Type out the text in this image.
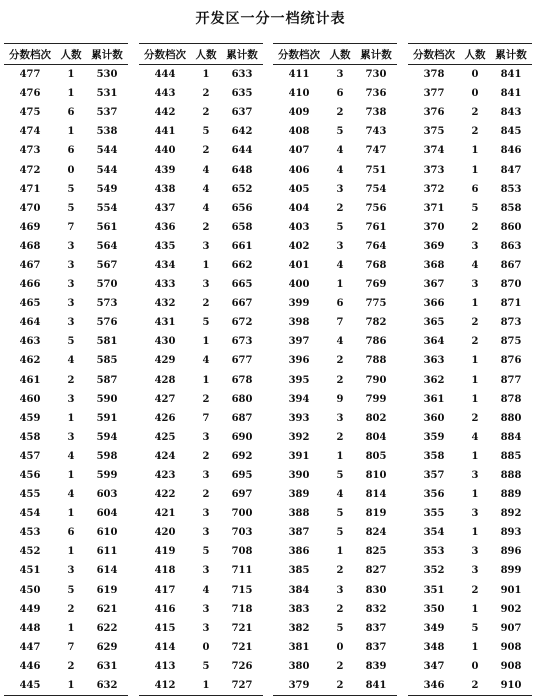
开发区一分一档统计表
分数档次	人数	累计数
477	1	530
476	1	531
475	6	537
474	1	538
473	6	544
472	0	544
471	5	549
470	5	554
469	7	561
468	3	564
467	3	567
466	3	570
465	3	573
464	3	576
463	5	581
462	4	585
461	2	587
460	3	590
459	1	591
458	3	594
457	4	598
456	1	599
455	4	603
454	1	604
453	6	610
452	1	611
451	3	614
450	5	619
449	2	621
448	1	622
447	7	629
446	2	631
445	1	632
分数档次	人数	累计数
444	1	633
443	2	635
442	2	637
441	5	642
440	2	644
439	4	648
438	4	652
437	4	656
436	2	658
435	3	661
434	1	662
433	3	665
432	2	667
431	5	672
430	1	673
429	4	677
428	1	678
427	2	680
426	7	687
425	3	690
424	2	692
423	3	695
422	2	697
421	3	700
420	3	703
419	5	708
418	3	711
417	4	715
416	3	718
415	3	721
414	0	721
413	5	726
412	1	727
分数档次	人数	累计数
411	3	730
410	6	736
409	2	738
408	5	743
407	4	747
406	4	751
405	3	754
404	2	756
403	5	761
402	3	764
401	4	768
400	1	769
399	6	775
398	7	782
397	4	786
396	2	788
395	2	790
394	9	799
393	3	802
392	2	804
391	1	805
390	5	810
389	4	814
388	5	819
387	5	824
386	1	825
385	2	827
384	3	830
383	2	832
382	5	837
381	0	837
380	2	839
379	2	841
分数档次	人数	累计数
378	0	841
377	0	841
376	2	843
375	2	845
374	1	846
373	1	847
372	6	853
371	5	858
370	2	860
369	3	863
368	4	867
367	3	870
366	1	871
365	2	873
364	2	875
363	1	876
362	1	877
361	1	878
360	2	880
359	4	884
358	1	885
357	3	888
356	1	889
355	3	892
354	1	893
353	3	896
352	3	899
351	2	901
350	1	902
349	5	907
348	1	908
347	0	908
346	2	910
